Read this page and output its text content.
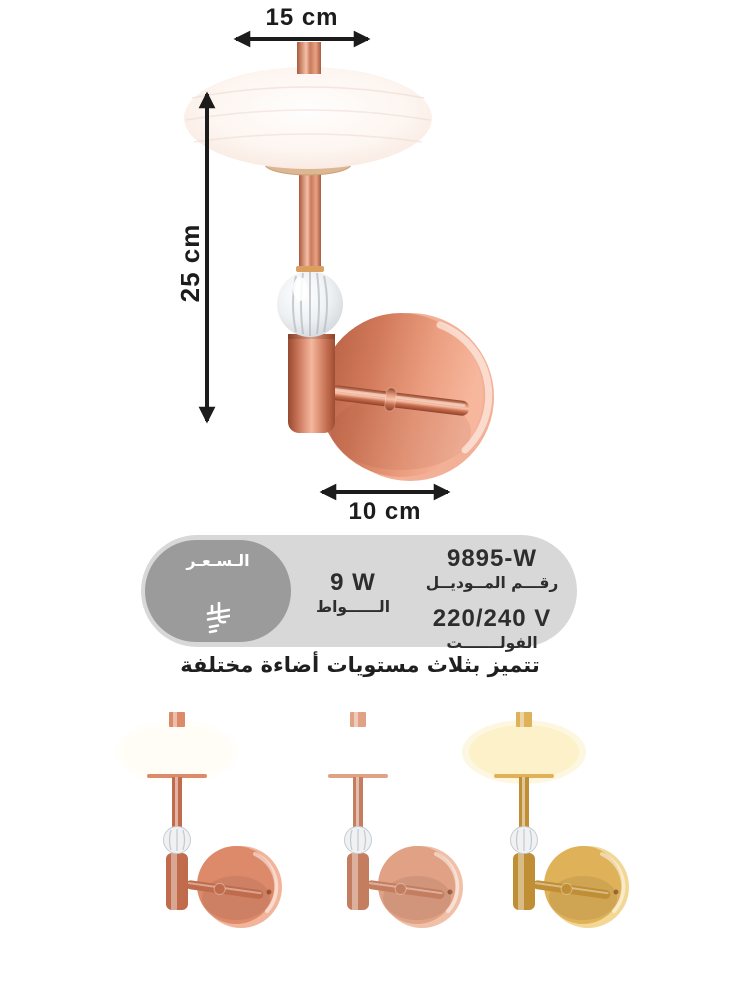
15 cm
25 cm
10 cm
الـسـعـر
9 W
الــــــواط
9895-W
رقـــم المــوديــل
220/240 V
الفولـــــــت
تتميز بثلاث مستويات أضاءة مختلفة
